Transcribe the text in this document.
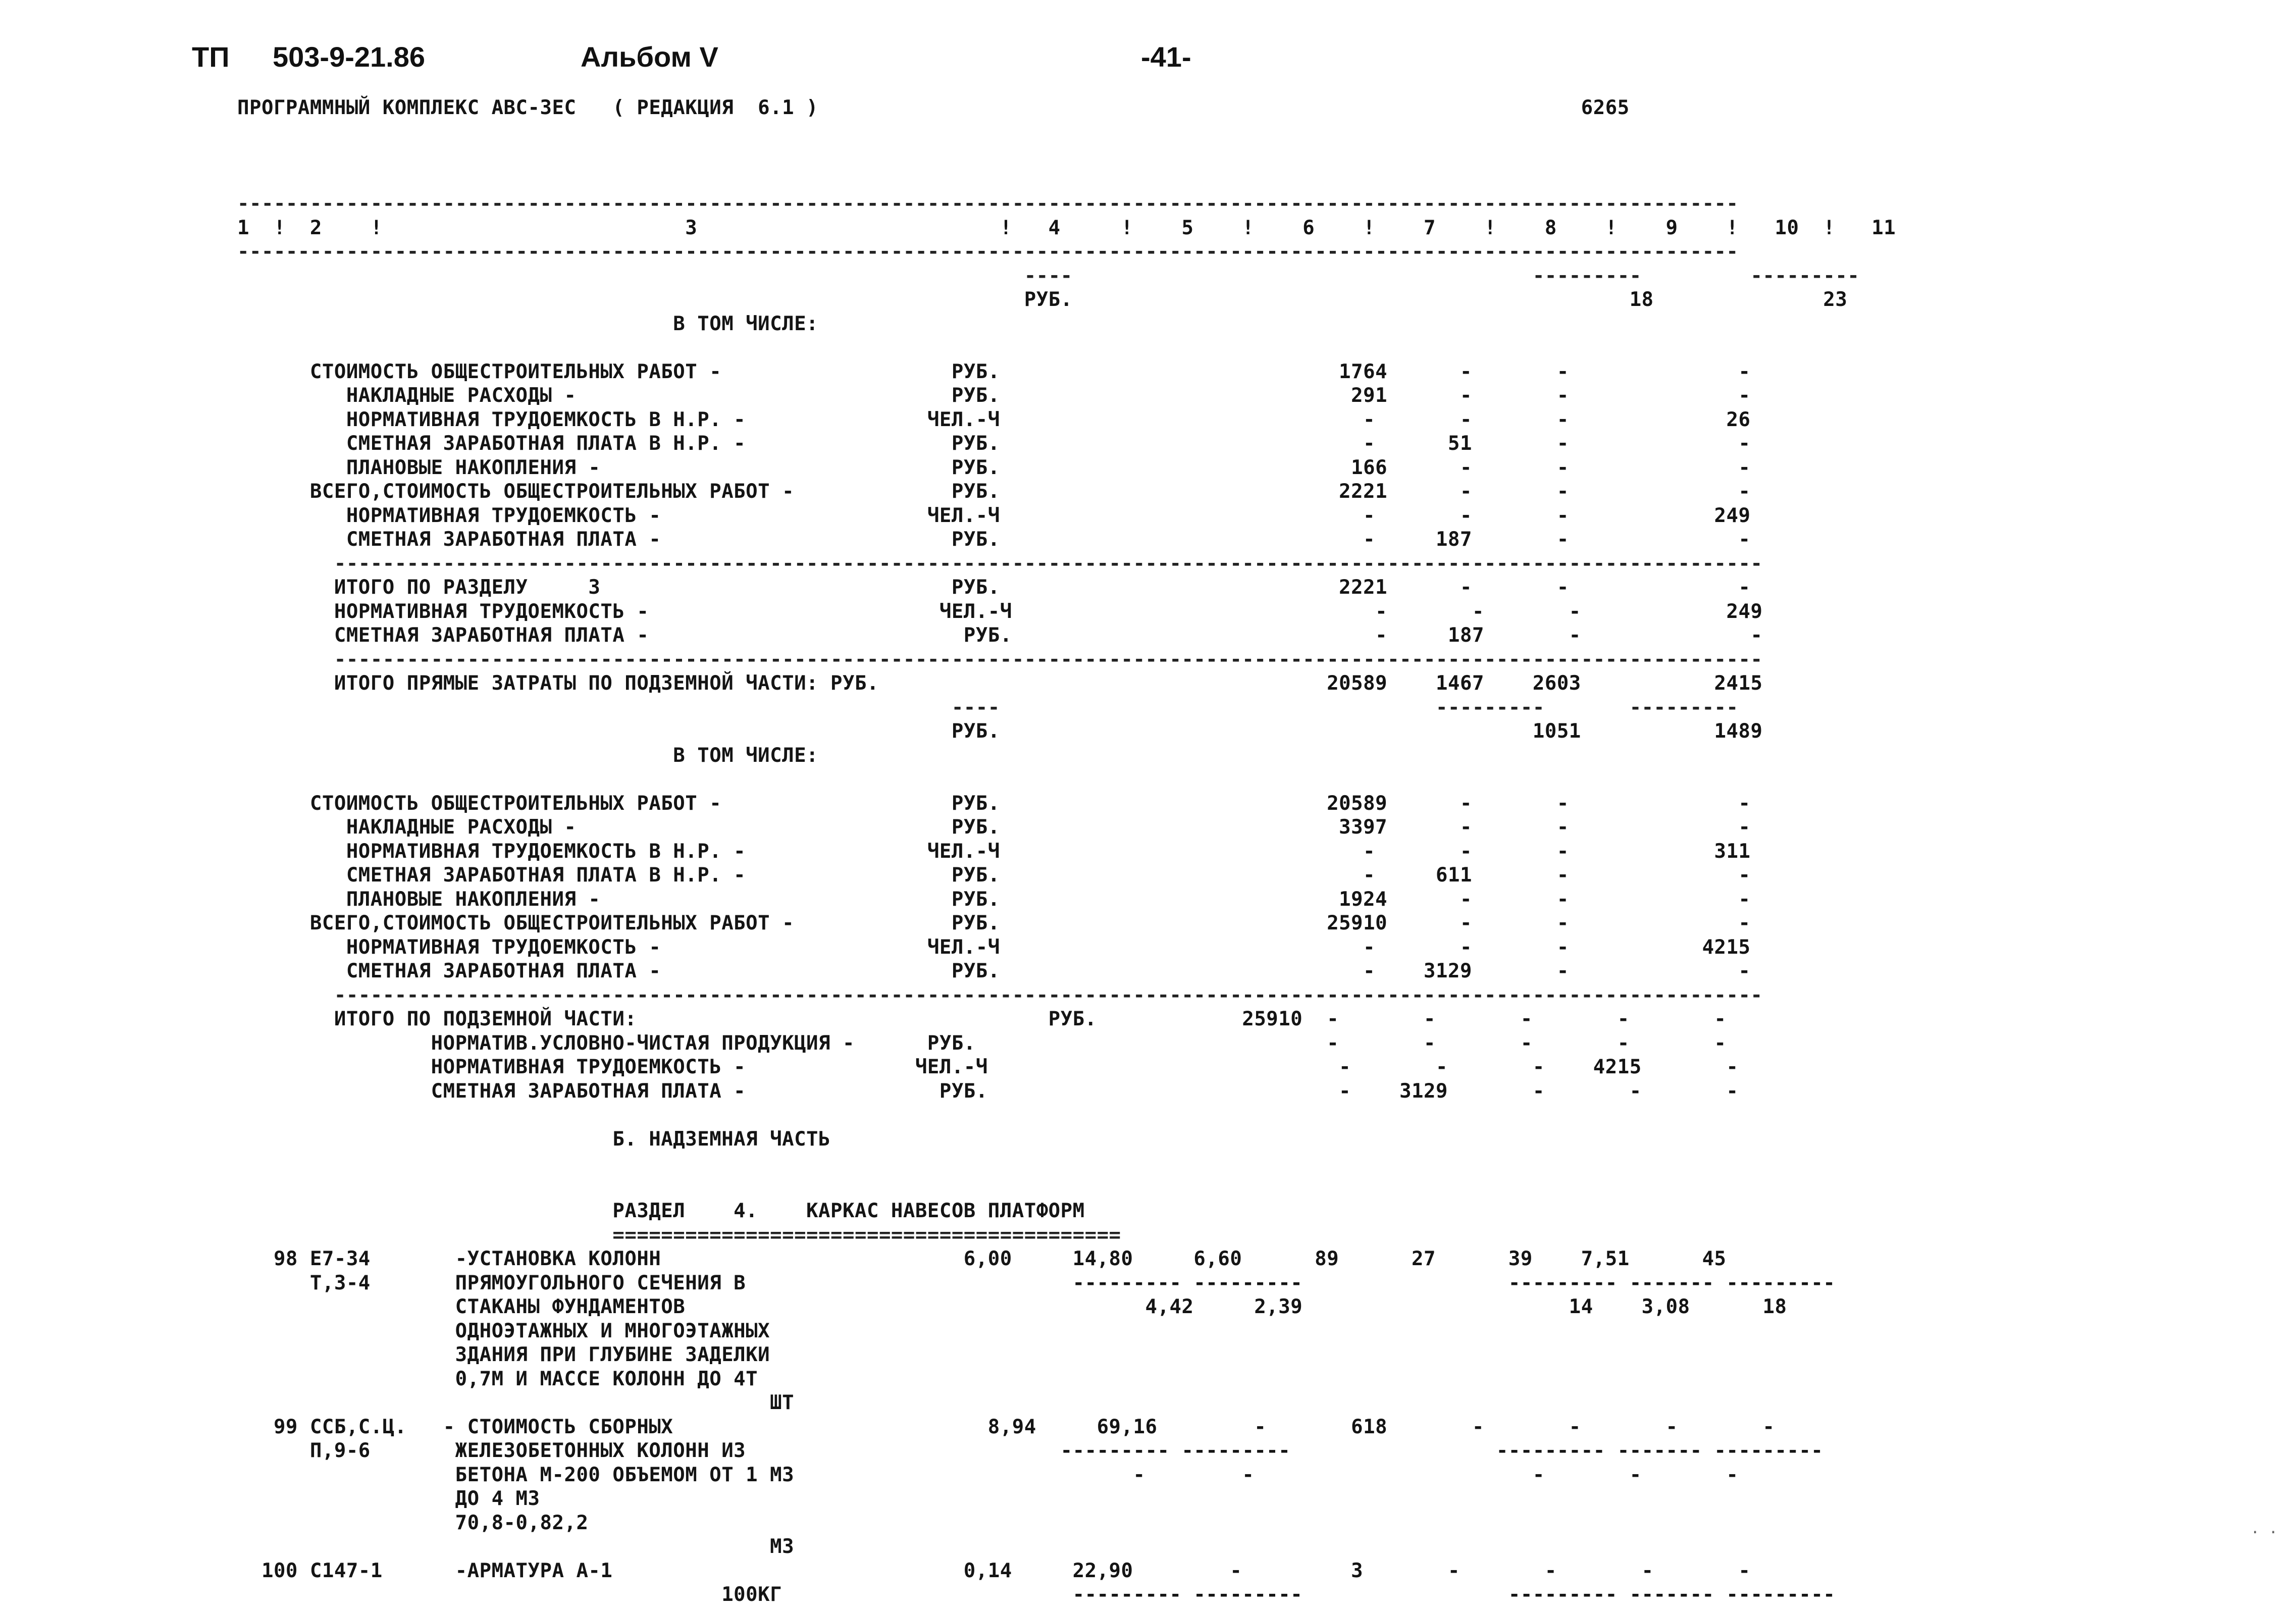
ТП 503-9-21.86	Альбом V	-41-
ПРОГРАММНЫЙ КОМПЛЕКС АВС-3ЕС   ( РЕДАКЦИЯ  6.1 )                                                               6265
----------------------------------------------------------------------------------------------------------------------------
1  !  2    !                         3                         !   4     !    5    !    6    !    7    !    8    !    9    !   10  !   11
----------------------------------------------------------------------------------------------------------------------------
----                                      ---------         ---------
РУБ.                                              18              23
В ТОМ ЧИСЛЕ:
СТОИМОСТЬ ОБЩЕСТРОИТЕЛЬНЫХ РАБОТ -                   РУБ.                            1764      -       -              -
НАКЛАДНЫЕ РАСХОДЫ -                               РУБ.                             291      -       -              -
НОРМАТИВНАЯ ТРУДОЕМКОСТЬ В Н.Р. -               ЧЕЛ.-Ч                              -       -       -             26
СМЕТНАЯ ЗАРАБОТНАЯ ПЛАТА В Н.Р. -                 РУБ.                              -      51       -              -
ПЛАНОВЫЕ НАКОПЛЕНИЯ -                             РУБ.                             166      -       -              -
ВСЕГО,СТОИМОСТЬ ОБЩЕСТРОИТЕЛЬНЫХ РАБОТ -             РУБ.                            2221      -       -              -
НОРМАТИВНАЯ ТРУДОЕМКОСТЬ -                      ЧЕЛ.-Ч                              -       -       -            249
СМЕТНАЯ ЗАРАБОТНАЯ ПЛАТА -                        РУБ.                              -     187       -              -
----------------------------------------------------------------------------------------------------------------------
ИТОГО ПО РАЗДЕЛУ     3                             РУБ.                            2221      -       -              -
НОРМАТИВНАЯ ТРУДОЕМКОСТЬ -                        ЧЕЛ.-Ч                              -       -       -            249
СМЕТНАЯ ЗАРАБОТНАЯ ПЛАТА -                          РУБ.                              -     187       -              -
----------------------------------------------------------------------------------------------------------------------
ИТОГО ПРЯМЫЕ ЗАТРАТЫ ПО ПОДЗЕМНОЙ ЧАСТИ: РУБ.                                     20589    1467    2603           2415
----                                    ---------       ---------
РУБ.                                            1051           1489
В ТОМ ЧИСЛЕ:
СТОИМОСТЬ ОБЩЕСТРОИТЕЛЬНЫХ РАБОТ -                   РУБ.                           20589      -       -              -
НАКЛАДНЫЕ РАСХОДЫ -                               РУБ.                            3397      -       -              -
НОРМАТИВНАЯ ТРУДОЕМКОСТЬ В Н.Р. -               ЧЕЛ.-Ч                              -       -       -            311
СМЕТНАЯ ЗАРАБОТНАЯ ПЛАТА В Н.Р. -                 РУБ.                              -     611       -              -
ПЛАНОВЫЕ НАКОПЛЕНИЯ -                             РУБ.                            1924      -       -              -
ВСЕГО,СТОИМОСТЬ ОБЩЕСТРОИТЕЛЬНЫХ РАБОТ -             РУБ.                           25910      -       -              -
НОРМАТИВНАЯ ТРУДОЕМКОСТЬ -                      ЧЕЛ.-Ч                              -       -       -           4215
СМЕТНАЯ ЗАРАБОТНАЯ ПЛАТА -                        РУБ.                              -    3129       -              -
----------------------------------------------------------------------------------------------------------------------
ИТОГО ПО ПОДЗЕМНОЙ ЧАСТИ:                                  РУБ.            25910  -       -       -       -       -
НОРМАТИВ.УСЛОВНО-ЧИСТАЯ ПРОДУКЦИЯ -      РУБ.                             -       -       -       -       -
НОРМАТИВНАЯ ТРУДОЕМКОСТЬ -              ЧЕЛ.-Ч                             -       -       -    4215       -
СМЕТНАЯ ЗАРАБОТНАЯ ПЛАТА -                РУБ.                             -    3129       -       -       -
Б. НАДЗЕМНАЯ ЧАСТЬ
РАЗДЕЛ    4.    КАРКАС НАВЕСОВ ПЛАТФОРМ
==========================================
98 Е7-34       -УСТАНОВКА КОЛОНН                         6,00     14,80     6,60      89      27      39    7,51      45
Т,3-4       ПРЯМОУГОЛЬНОГО СЕЧЕНИЯ В                           --------- ---------                 --------- ------- ---------
СТАКАНЫ ФУНДАМЕНТОВ                                      4,42     2,39                      14    3,08      18
ОДНОЭТАЖНЫХ И МНОГОЭТАЖНЫХ
ЗДАНИЯ ПРИ ГЛУБИНЕ ЗАДЕЛКИ
0,7М И МАССЕ КОЛОНН ДО 4Т
ШТ
99 ССБ,С.Ц.   - СТОИМОСТЬ СБОРНЫХ                          8,94     69,16        -       618       -       -       -       -
П,9-6       ЖЕЛЕЗОБЕТОННЫХ КОЛОНН ИЗ                          --------- ---------                 --------- ------- ---------
БЕТОНА М-200 ОБЪЕМОМ ОТ 1 М3                            -        -                       -       -       -
ДО 4 М3
70,8-0,82,2
М3
100 С147-1      -АРМАТУРА А-1                             0,14     22,90        -         3       -       -       -       -
100КГ                        --------- ---------                 --------- ------- ---------
. .
